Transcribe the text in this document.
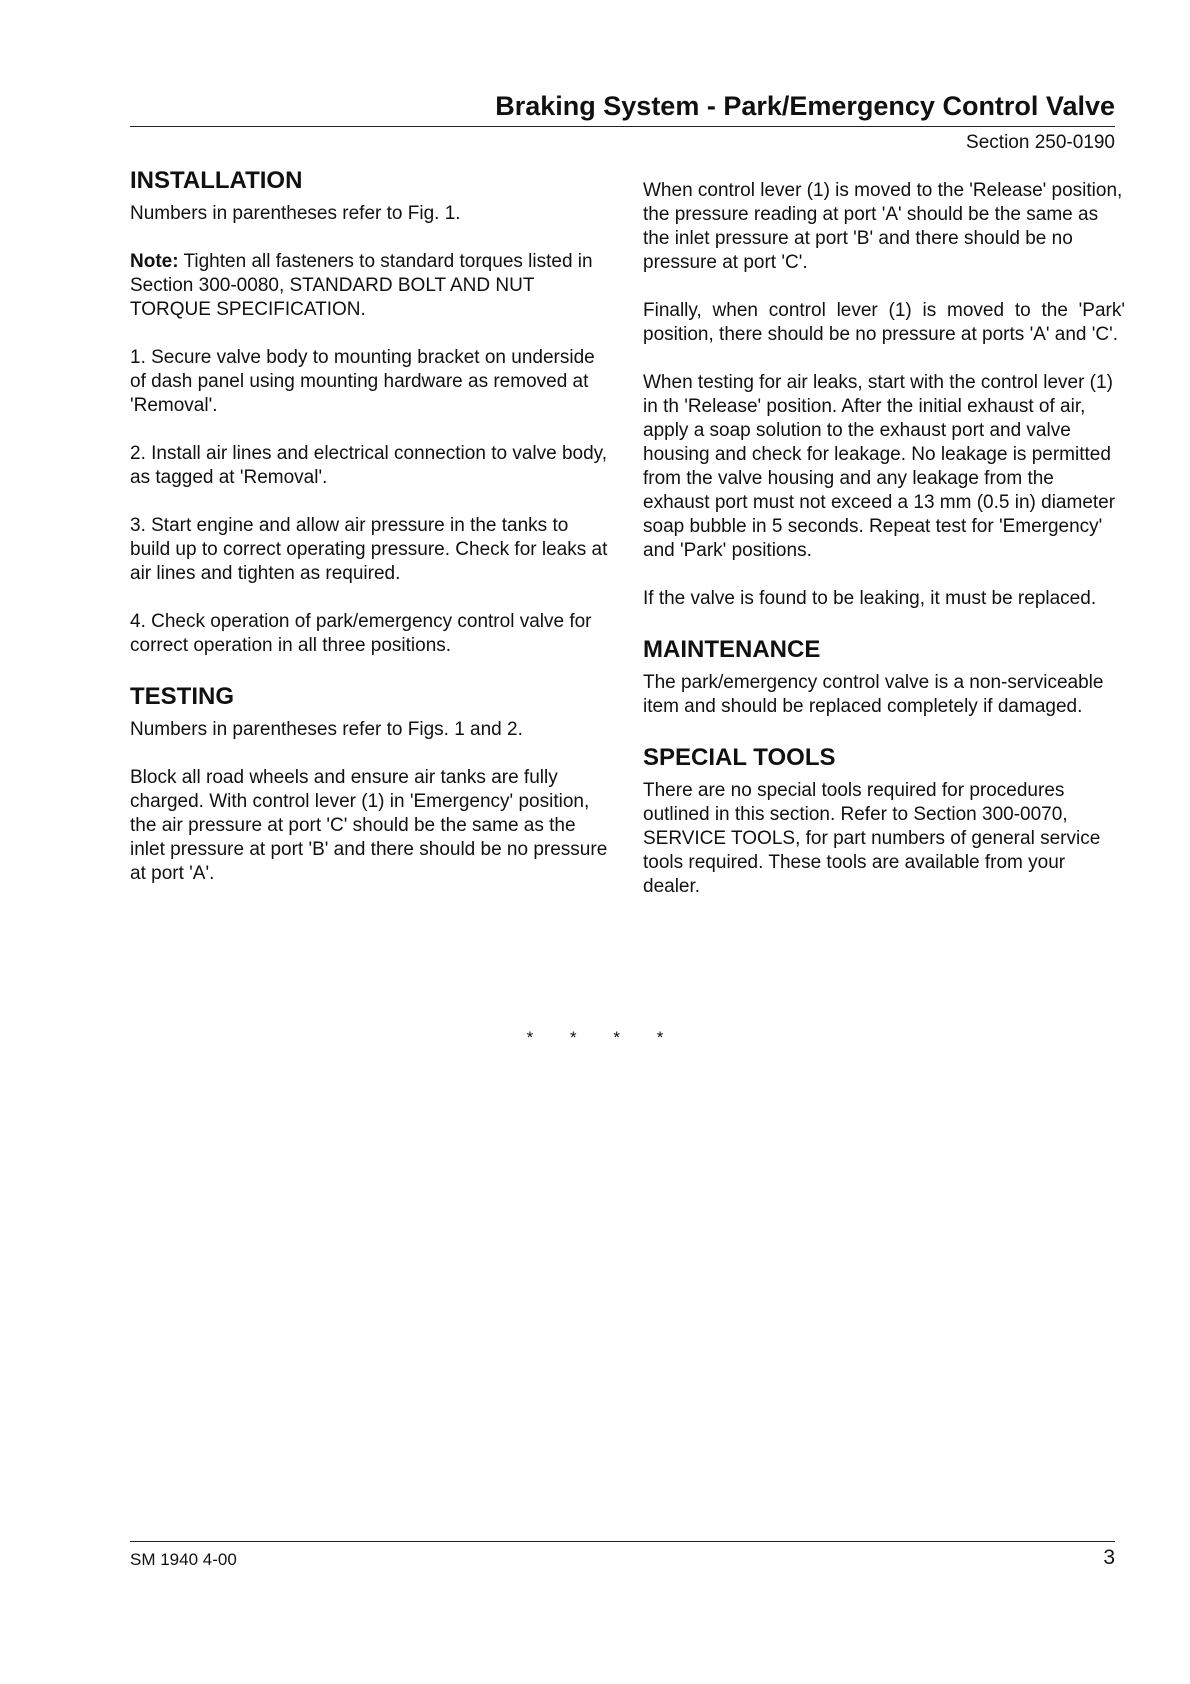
Braking System - Park/Emergency Control Valve
Section 250-0190
INSTALLATION

Numbers in parentheses refer to Fig. 1.

Note: Tighten all fasteners to standard torques listed in Section 300-0080, STANDARD BOLT AND NUT TORQUE SPECIFICATION.

1. Secure valve body to mounting bracket on underside of dash panel using mounting hardware as removed at 'Removal'.

2. Install air lines and electrical connection to valve body, as tagged at 'Removal'.

3. Start engine and allow air pressure in the tanks to build up to correct operating pressure. Check for leaks at air lines and tighten as required.

4. Check operation of park/emergency control valve for correct operation in all three positions.

TESTING

Numbers in parentheses refer to Figs. 1 and 2.

Block all road wheels and ensure air tanks are fully charged. With control lever (1) in 'Emergency' position, the air pressure at port 'C' should be the same as the inlet pressure at port 'B' and there should be no pressure at port 'A'.

When control lever (1) is moved to the 'Release' position, the pressure reading at port 'A' should be the same as the inlet pressure at port 'B' and there should be no pressure at port 'C'.

Finally, when control lever (1) is moved to the 'Park' position, there should be no pressure at ports 'A' and 'C'.

When testing for air leaks, start with the control lever (1) in th 'Release' position. After the initial exhaust of air, apply a soap solution to the exhaust port and valve housing and check for leakage. No leakage is permitted from the valve housing and any leakage from the exhaust port must not exceed a 13 mm (0.5 in) diameter soap bubble in 5 seconds. Repeat test for 'Emergency' and 'Park' positions.

If the valve is found to be leaking, it must be replaced.

MAINTENANCE

The park/emergency control valve is a non-serviceable item and should be replaced completely if damaged.

SPECIAL TOOLS

There are no special tools required for procedures outlined in this section. Refer to Section 300-0070, SERVICE TOOLS, for part numbers of general service tools required. These tools are available from your dealer.

* * * *
SM 1940 4-00	3
